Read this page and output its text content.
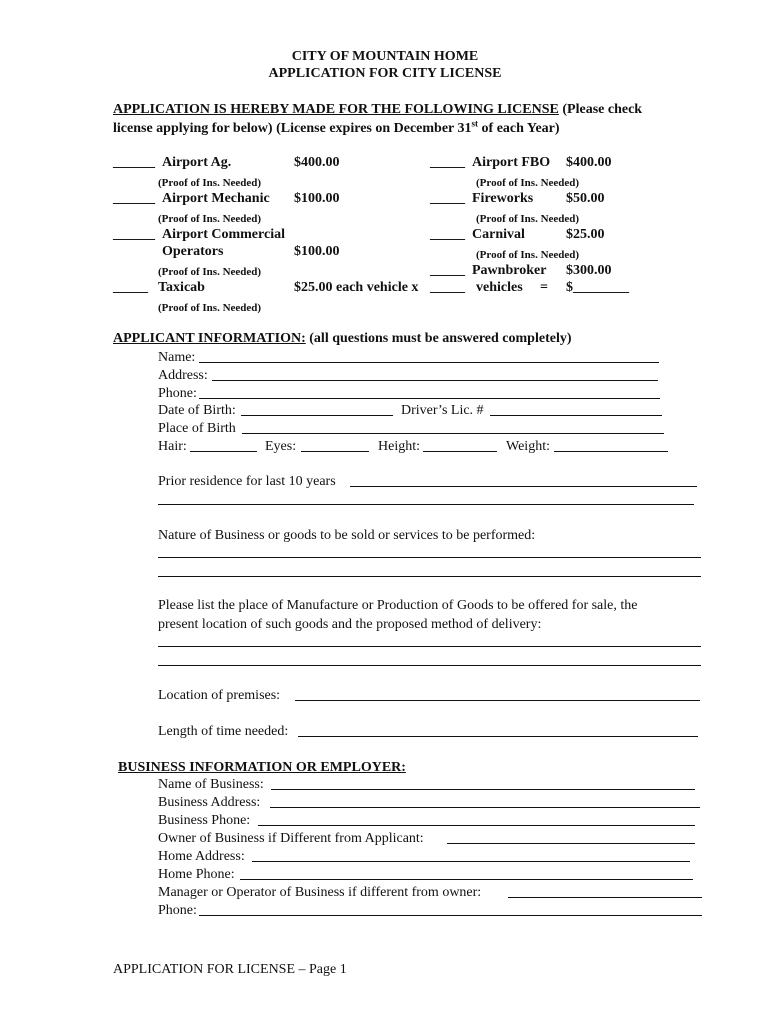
CITY OF MOUNTAIN HOME
APPLICATION FOR CITY LICENSE
APPLICATION IS HEREBY MADE FOR THE FOLLOWING LICENSE (Please check
license applying for below) (License expires on December 31st of each Year)
______ Airport Ag.	$400.00
(Proof of Ins. Needed)
______ Airport Mechanic $100.00
(Proof of Ins. Needed)
______ Airport Commercial
Operators	$100.00
(Proof of Ins. Needed)
_____ Taxicab	$25.00 each vehicle x
(Proof of Ins. Needed)
_____ Airport FBO $400.00
(Proof of Ins. Needed)
_____ Fireworks $50.00
(Proof of Ins. Needed)
_____ Carnival	$25.00
(Proof of Ins. Needed)
_____ Pawnbroker $300.00
_____ vehicles = $________
APPLICANT INFORMATION: (all questions must be answered completely)
Name:
Address:
Phone:
Date of Birth:	Driver’s Lic. #
Place of Birth
Hair:	Eyes:	Height:	Weight:
Prior residence for last 10 years
Nature of Business or goods to be sold or services to be performed:
Please list the place of Manufacture or Production of Goods to be offered for sale, the
present location of such goods and the proposed method of delivery:
Location of premises:
Length of time needed:
BUSINESS INFORMATION OR EMPLOYER:
Name of Business:
Business Address:
Business Phone:
Owner of Business if Different from Applicant:
Home Address:
Home Phone:
Manager or Operator of Business if different from owner:
Phone:
APPLICATION FOR LICENSE – Page 1
